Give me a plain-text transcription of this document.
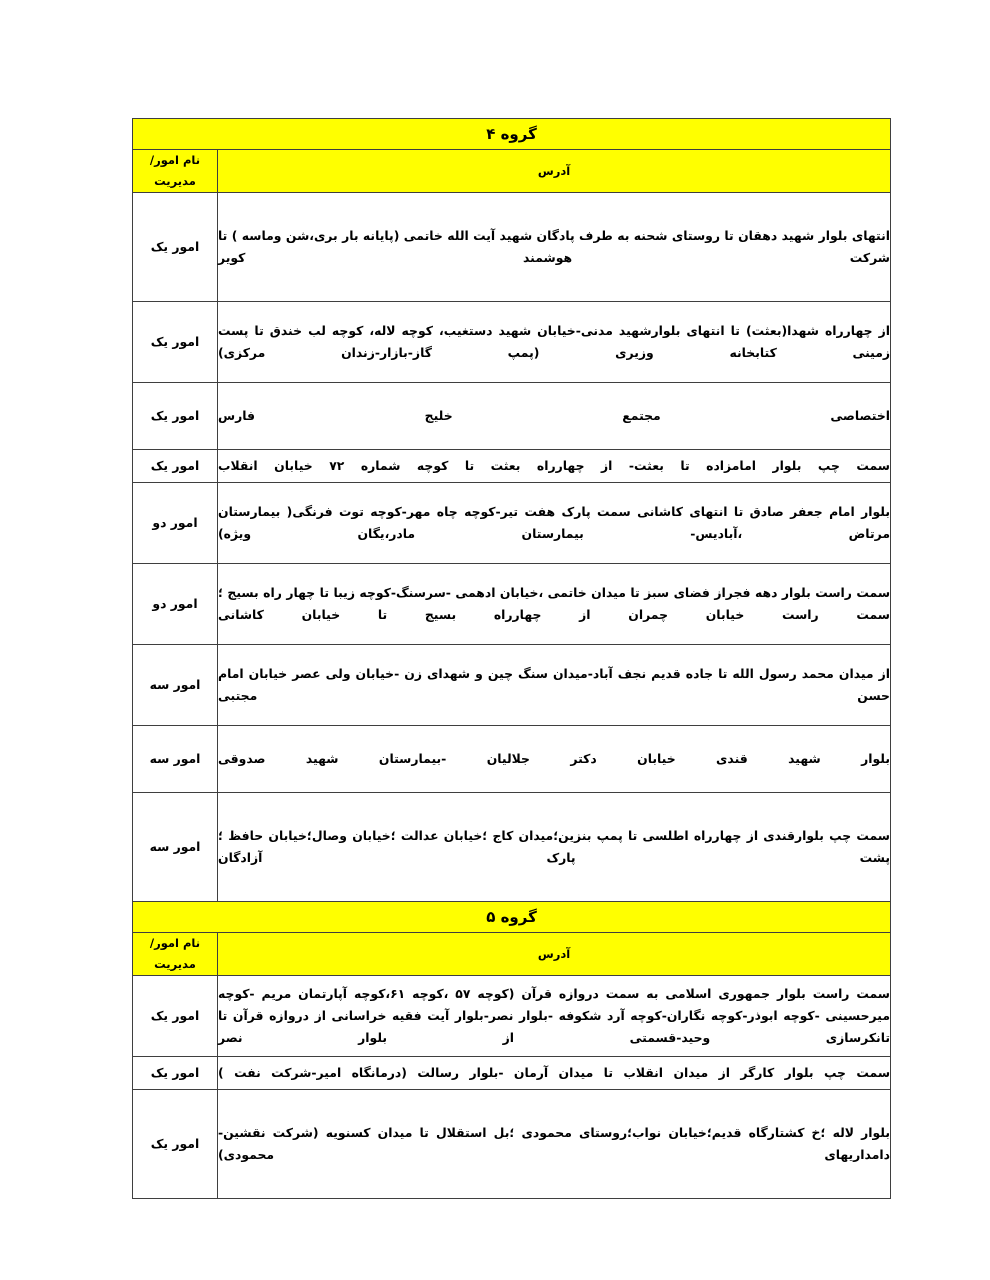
گروه ۴	
آدرس	نام امور/مدیریت
انتهای بلوار شهید دهقان تا روستای شحنه به طرف پادگان شهید آیت الله خاتمی (پایانه بار بری،شن وماسه ) تا شرکت هوشمند کویر	امور یک
از چهارراه شهدا(بعثت) تا انتهای بلوارشهید مدنی-خیابان شهید دستغیب، کوچه لاله، کوچه لب خندق تا پست زمینی کتابخانه وزیری (پمپ گاز-بازار-زندان مرکزی)	امور یک
اختصاصی مجتمع خلیج فارس	امور یک
سمت چپ بلوار امامزاده تا بعثت- از چهارراه بعثت تا کوچه شماره ۷۲ خیابان انقلاب	امور یک
بلوار امام جعفر صادق تا انتهای کاشانی سمت پارک هفت تیر-کوچه چاه مهر-کوچه توت فرنگی( بیمارستان مرتاض ،آبادیس- بیمارستان مادر،یگان ویژه)	امور دو
سمت راست بلوار دهه فجراز فضای سبز تا میدان خاتمی ،خیابان ادهمی -سرسنگ-کوچه زیبا تا چهار راه بسیج ؛سمت راست خیابان چمران از چهارراه بسیج تا خیابان کاشانی	امور دو
از میدان محمد رسول الله تا جاده قدیم نجف آباد-میدان سنگ چین و شهدای زن -خیابان ولی عصر خیابان امام حسن مجتبی	امور سه
بلوار شهید قندی خیابان دکتر جلالیان -بیمارستان شهید صدوقی	امور سه
سمت چپ بلوارقندی از چهارراه اطلسی تا پمپ بنزین؛میدان کاج ؛خیابان عدالت ؛خیابان وصال؛خیابان حافظ ؛پشت پارک آزادگان	امور سه
گروه ۵	
آدرس	نام امور/مدیریت
سمت راست بلوار جمهوری اسلامی به سمت دروازه قرآن (کوچه ۵۷ ،کوچه ۶۱،کوچه آپارتمان مریم -کوچه میرحسینی -کوچه ابوذر-کوچه نگاران-کوچه آرد شکوفه -بلوار نصر-بلوار آیت فقیه خراسانی از دروازه قرآن تا تانکرسازی وحید-قسمتی از بلوار نصر	امور یک
سمت چپ بلوار کارگر از میدان انقلاب تا میدان آرمان -بلوار رسالت (درمانگاه امیر-شرکت نفت )	امور یک
بلوار لاله ؛خ کشتارگاه قدیم؛خیابان نواب؛روستای محمودی ؛بل استقلال تا میدان کسنویه (شرکت نقشین- دامداریهای محمودی)	امور یک
